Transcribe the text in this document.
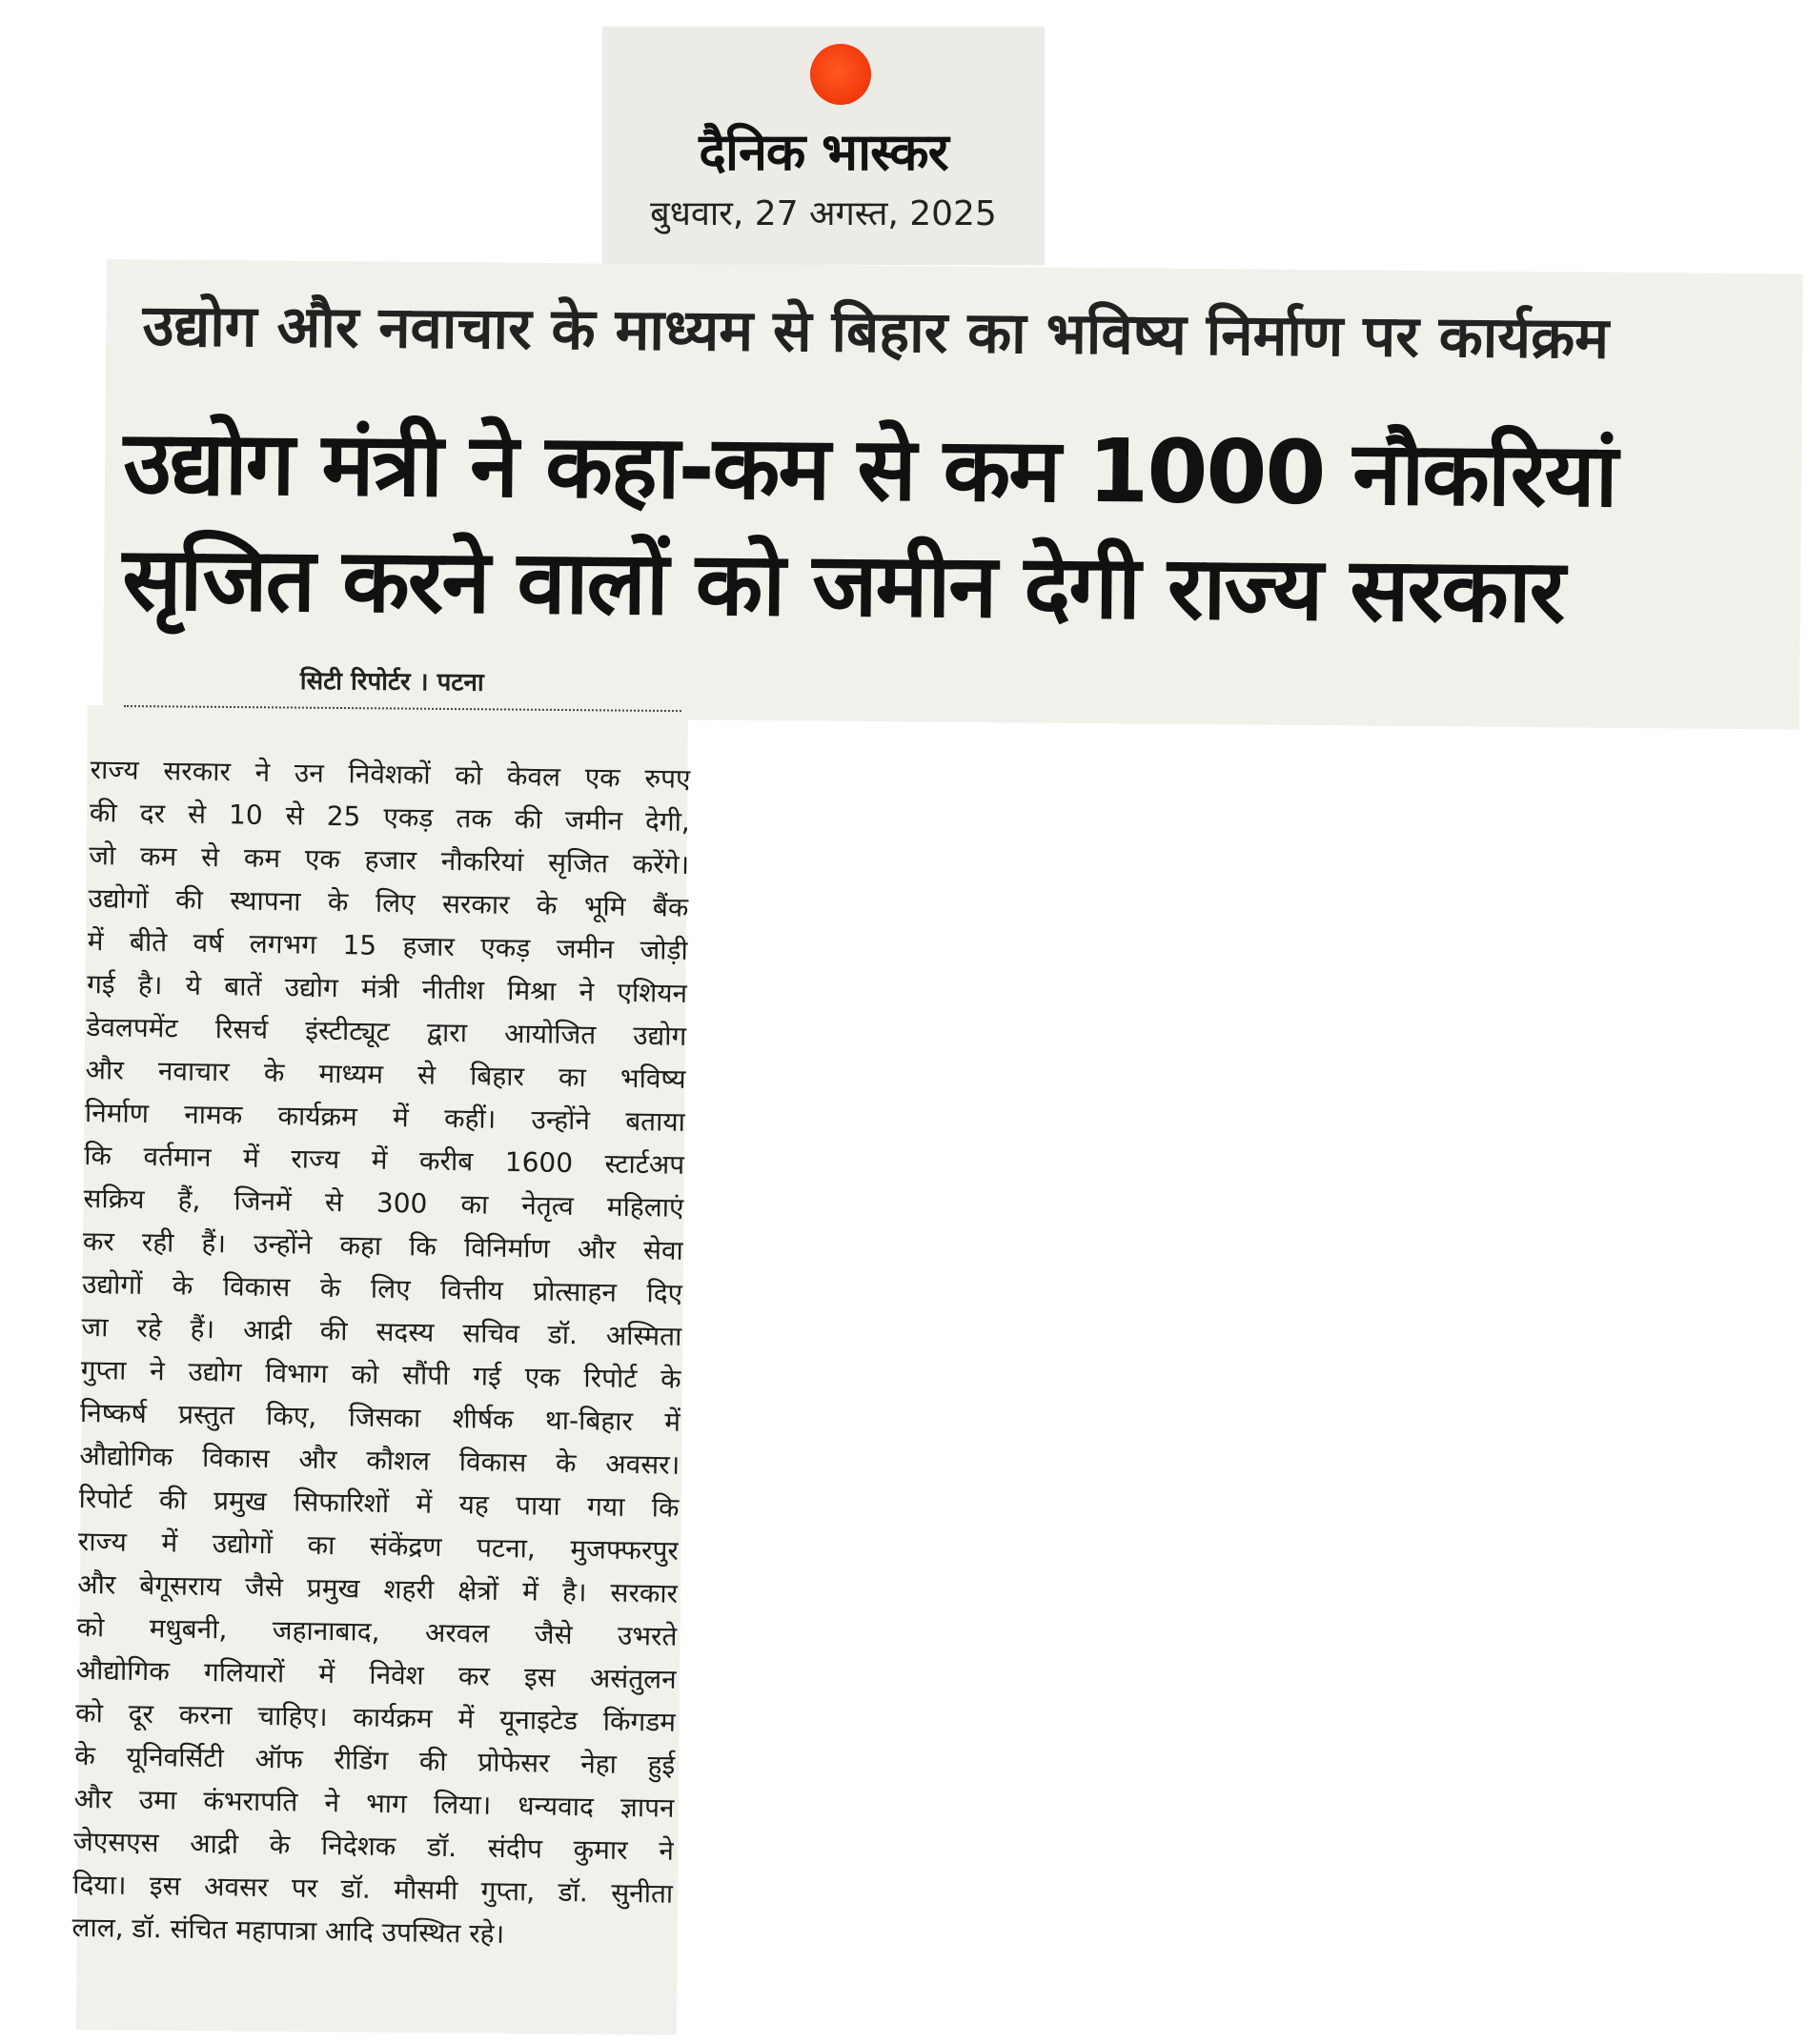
दैनिक भास्कर
बुधवार, 27 अगस्त, 2025
उद्योग और नवाचार के माध्यम से बिहार का भविष्य निर्माण पर कार्यक्रम
उद्योग मंत्री ने कहा-कम से कम 1000 नौकरियां
सृजित करने वालों को जमीन देगी राज्य सरकार
सिटी रिपोर्टर । पटना
राज्य सरकार ने उन निवेशकों को केवल एक रुपए
की दर से 10 से 25 एकड़ तक की जमीन देगी,
जो कम से कम एक हजार नौकरियां सृजित करेंगे।
उद्योगों की स्थापना के लिए सरकार के भूमि बैंक
में बीते वर्ष लगभग 15 हजार एकड़ जमीन जोड़ी
गई है। ये बातें उद्योग मंत्री नीतीश मिश्रा ने एशियन
डेवलपमेंट रिसर्च इंस्टीट्यूट द्वारा आयोजित उद्योग
और नवाचार के माध्यम से बिहार का भविष्य
निर्माण नामक कार्यक्रम में कहीं। उन्होंने बताया
कि वर्तमान में राज्य में करीब 1600 स्टार्टअप
सक्रिय हैं, जिनमें से 300 का नेतृत्व महिलाएं
कर रही हैं। उन्होंने कहा कि विनिर्माण और सेवा
उद्योगों के विकास के लिए वित्तीय प्रोत्साहन दिए
जा रहे हैं। आद्री की सदस्य सचिव डॉ. अस्मिता
गुप्ता ने उद्योग विभाग को सौंपी गई एक रिपोर्ट के
निष्कर्ष प्रस्तुत किए, जिसका शीर्षक था-बिहार में
औद्योगिक विकास और कौशल विकास के अवसर।
रिपोर्ट की प्रमुख सिफारिशों में यह पाया गया कि
राज्य में उद्योगों का संकेंद्रण पटना, मुजफ्फरपुर
और बेगूसराय जैसे प्रमुख शहरी क्षेत्रों में है। सरकार
को मधुबनी, जहानाबाद, अरवल जैसे उभरते
औद्योगिक गलियारों में निवेश कर इस असंतुलन
को दूर करना चाहिए। कार्यक्रम में यूनाइटेड किंगडम
के यूनिवर्सिटी ऑफ रीडिंग की प्रोफेसर नेहा हुई
और उमा कंभरापति ने भाग लिया। धन्यवाद ज्ञापन
जेएसएस आद्री के निदेशक डॉ. संदीप कुमार ने
दिया। इस अवसर पर डॉ. मौसमी गुप्ता, डॉ. सुनीता
लाल, डॉ. संचित महापात्रा आदि उपस्थित रहे।
